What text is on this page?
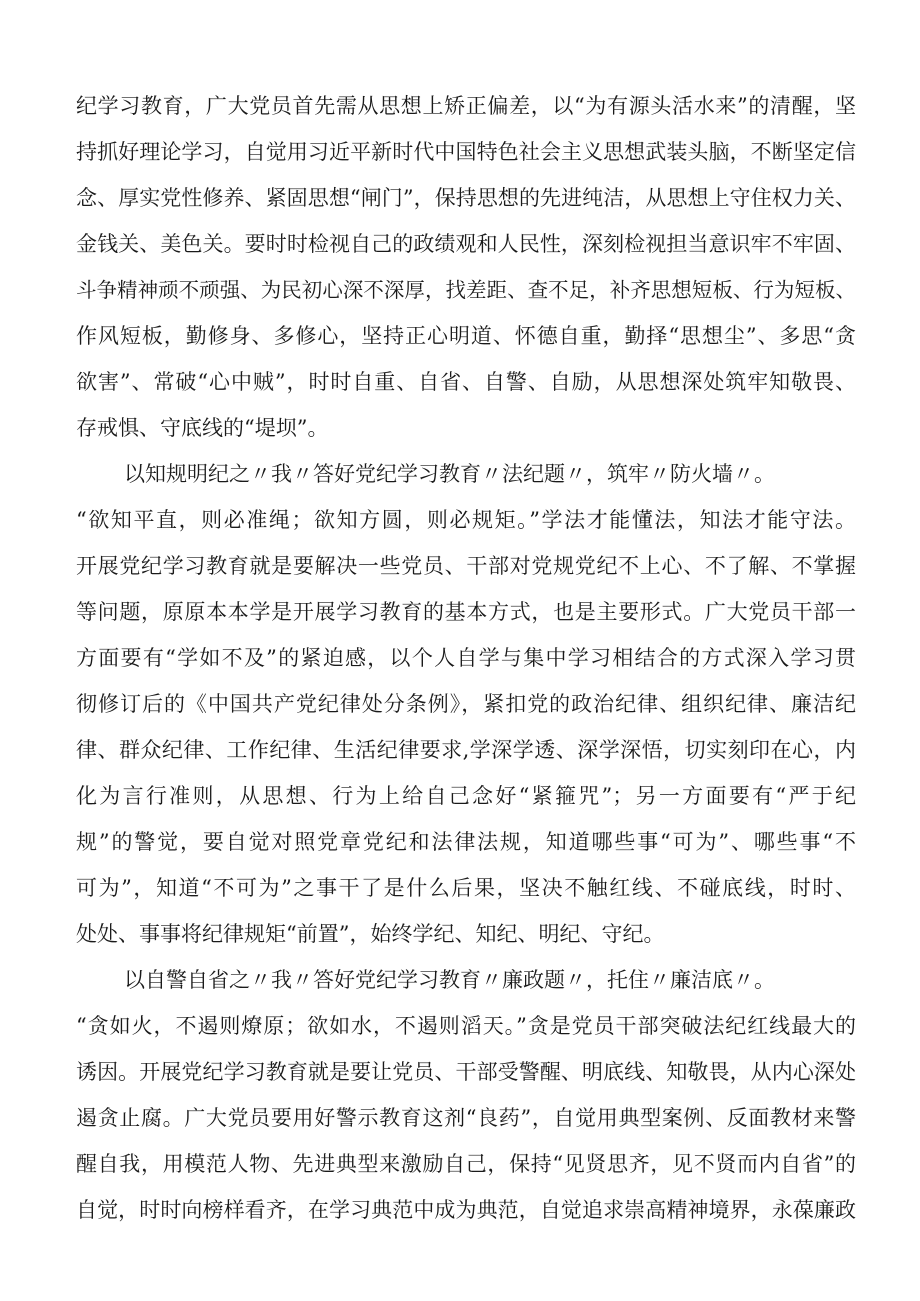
纪学习教育，广大党员首先需从思想上矫正偏差，以“为有源头活水来”的清醒，坚
持抓好理论学习，自觉用习近平新时代中国特色社会主义思想武装头脑，不断坚定信
念、厚实党性修养、紧固思想“闸门”，保持思想的先进纯洁，从思想上守住权力关、
金钱关、美色关。要时时检视自己的政绩观和人民性，深刻检视担当意识牢不牢固、
斗争精神顽不顽强、为民初心深不深厚，找差距、查不足，补齐思想短板、行为短板、
作风短板，勤修身、多修心，坚持正心明道、怀德自重，勤择“思想尘”、多思“贪
欲害”、常破“心中贼”，时时自重、自省、自警、自励，从思想深处筑牢知敬畏、
存戒惧、守底线的“堤坝”。
以知规明纪之〃我〃答好党纪学习教育〃法纪题〃，筑牢〃防火墙〃。
“欲知平直，则必准绳；欲知方圆，则必规矩。”学法才能懂法，知法才能守法。
开展党纪学习教育就是要解决一些党员、干部对党规党纪不上心、不了解、不掌握
等问题，原原本本学是开展学习教育的基本方式，也是主要形式。广大党员干部一
方面要有“学如不及”的紧迫感，以个人自学与集中学习相结合的方式深入学习贯
彻修订后的《中国共产党纪律处分条例》，紧扣党的政治纪律、组织纪律、廉洁纪
律、群众纪律、工作纪律、生活纪律要求,学深学透、深学深悟，切实刻印在心，内
化为言行准则，从思想、行为上给自己念好“紧箍咒”；另一方面要有“严于纪
规”的警觉，要自觉对照党章党纪和法律法规，知道哪些事“可为”、哪些事“不
可为”，知道“不可为”之事干了是什么后果，坚决不触红线、不碰底线，时时、
处处、事事将纪律规矩“前置”，始终学纪、知纪、明纪、守纪。
以自警自省之〃我〃答好党纪学习教育〃廉政题〃，托住〃廉洁底〃。
“贪如火，不遏则燎原；欲如水，不遏则滔天。”贪是党员干部突破法纪红线最大的
诱因。开展党纪学习教育就是要让党员、干部受警醒、明底线、知敬畏，从内心深处
遏贪止腐。广大党员要用好警示教育这剂“良药”，自觉用典型案例、反面教材来警
醒自我，用模范人物、先进典型来激励自己，保持“见贤思齐，见不贤而内自省”的
自觉，时时向榜样看齐，在学习典范中成为典范，自觉追求崇高精神境界，永葆廉政
